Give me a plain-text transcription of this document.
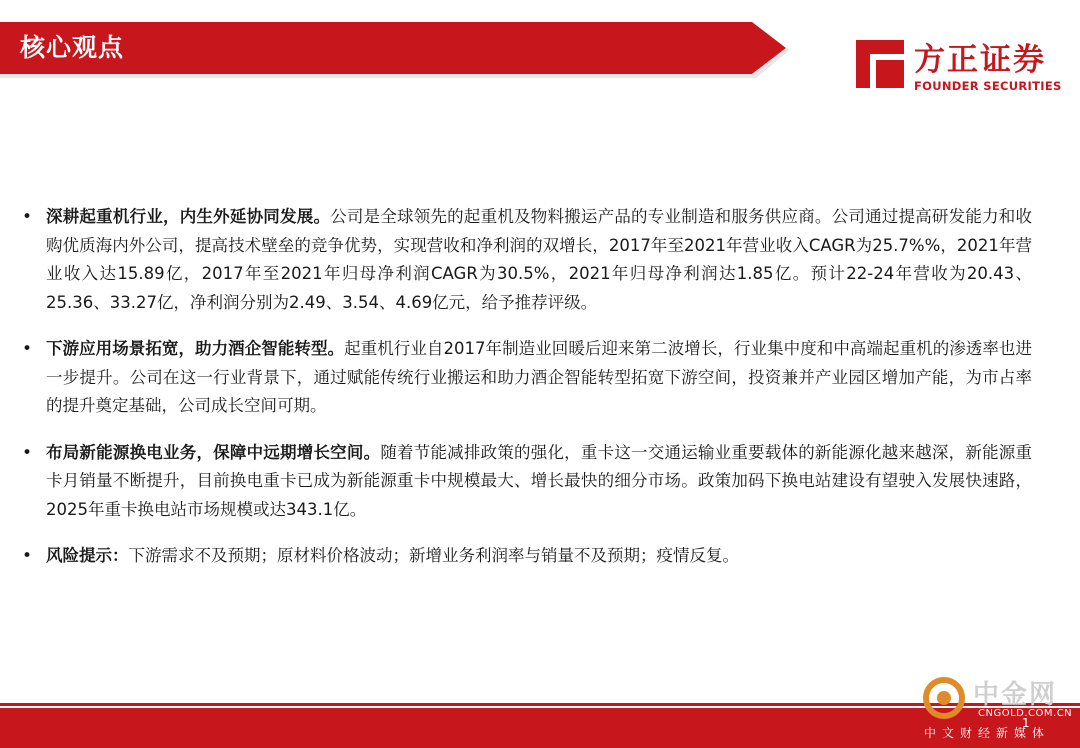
核心观点	方正证券
FOUNDER SECURITIES
• 深耕起重机行业，内生外延协同发展。公司是全球领先的起重机及物料搬运产品的专业制造和服务供应商。公司通过提高研发能力和收购优质海内外公司，提高技术壁垒的竞争优势，实现营收和净利润的双增长，2017年至2021年营业收入CAGR为25.7%%，2021年营业收入达15.89亿，2017年至2021年归母净利润CAGR为30.5%，2021年归母净利润达1.85亿。预计22-24年营收为20.43、25.36、33.27亿，净利润分别为2.49、3.54、4.69亿元，给予推荐评级。
• 下游应用场景拓宽，助力酒企智能转型。起重机行业自2017年制造业回暖后迎来第二波增长，行业集中度和中高端起重机的渗透率也进一步提升。公司在这一行业背景下，通过赋能传统行业搬运和助力酒企智能转型拓宽下游空间，投资兼并产业园区增加产能，为市占率的提升奠定基础，公司成长空间可期。
• 布局新能源换电业务，保障中远期增长空间。随着节能减排政策的强化，重卡这一交通运输业重要载体的新能源化越来越深，新能源重卡月销量不断提升，目前换电重卡已成为新能源重卡中规模最大、增长最快的细分市场。政策加码下换电站建设有望驶入发展快速路，2025年重卡换电站市场规模或达343.1亿。
• 风险提示：下游需求不及预期；原材料价格波动；新增业务利润率与销量不及预期；疫情反复。
1
中金网
CNGOLD.COM.CN
中文财经新媒体
